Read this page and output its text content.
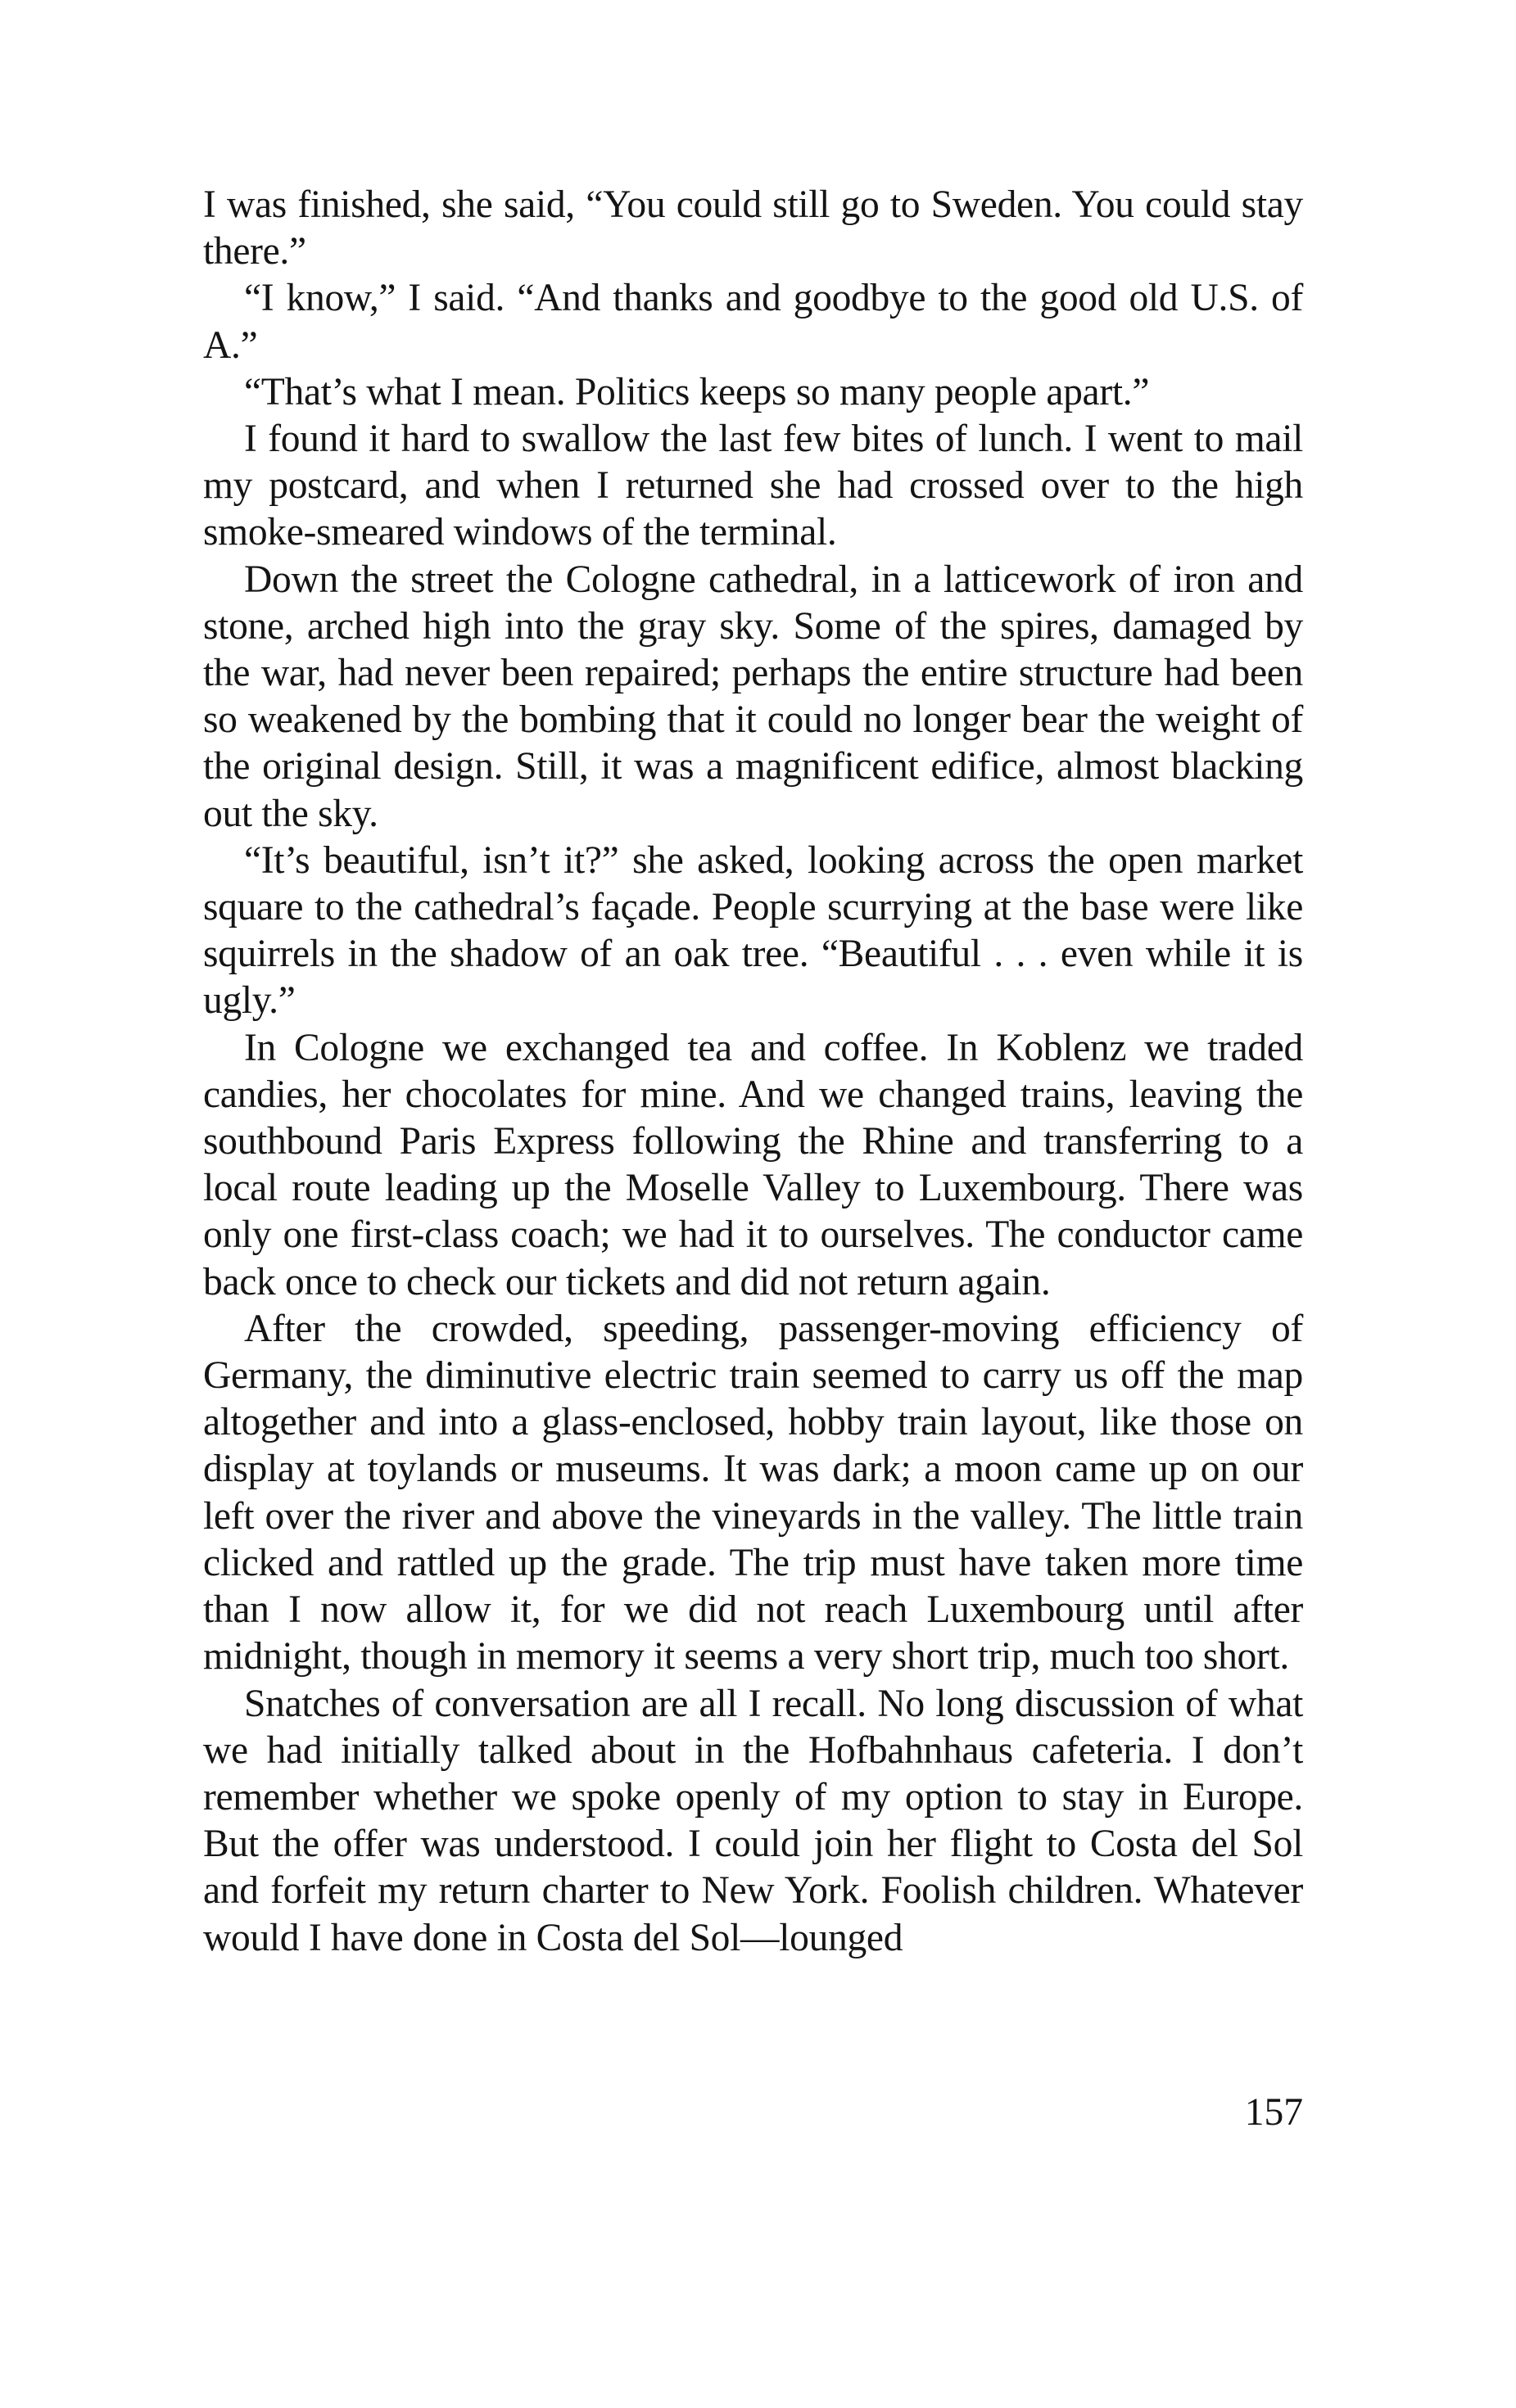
I was finished, she said, “You could still go to Sweden. You could stay there.”

“I know,” I said. “And thanks and goodbye to the good old U.S. of A.”

“That’s what I mean. Politics keeps so many people apart.”

I found it hard to swallow the last few bites of lunch. I went to mail my postcard, and when I returned she had crossed over to the high smoke-smeared windows of the terminal.

Down the street the Cologne cathedral, in a latticework of iron and stone, arched high into the gray sky. Some of the spires, damaged by the war, had never been repaired; perhaps the entire structure had been so weakened by the bombing that it could no longer bear the weight of the original design. Still, it was a magnificent edifice, almost blacking out the sky.

“It’s beautiful, isn’t it?” she asked, looking across the open market square to the cathedral’s façade. People scurrying at the base were like squirrels in the shadow of an oak tree. “Beautiful . . . even while it is ugly.”

In Cologne we exchanged tea and coffee. In Koblenz we traded candies, her chocolates for mine. And we changed trains, leaving the southbound Paris Express following the Rhine and transferring to a local route leading up the Moselle Valley to Luxembourg. There was only one first-class coach; we had it to ourselves. The conductor came back once to check our tickets and did not return again.

After the crowded, speeding, passenger-moving efficiency of Germany, the diminutive electric train seemed to carry us off the map altogether and into a glass-enclosed, hobby train layout, like those on display at toylands or museums. It was dark; a moon came up on our left over the river and above the vineyards in the valley. The little train clicked and rattled up the grade. The trip must have taken more time than I now allow it, for we did not reach Luxembourg until after midnight, though in memory it seems a very short trip, much too short.

Snatches of conversation are all I recall. No long discussion of what we had initially talked about in the Hofbahnhaus cafeteria. I don’t remember whether we spoke openly of my option to stay in Europe. But the offer was understood. I could join her flight to Costa del Sol and forfeit my return charter to New York. Foolish children. Whatever would I have done in Costa del Sol—lounged

157
